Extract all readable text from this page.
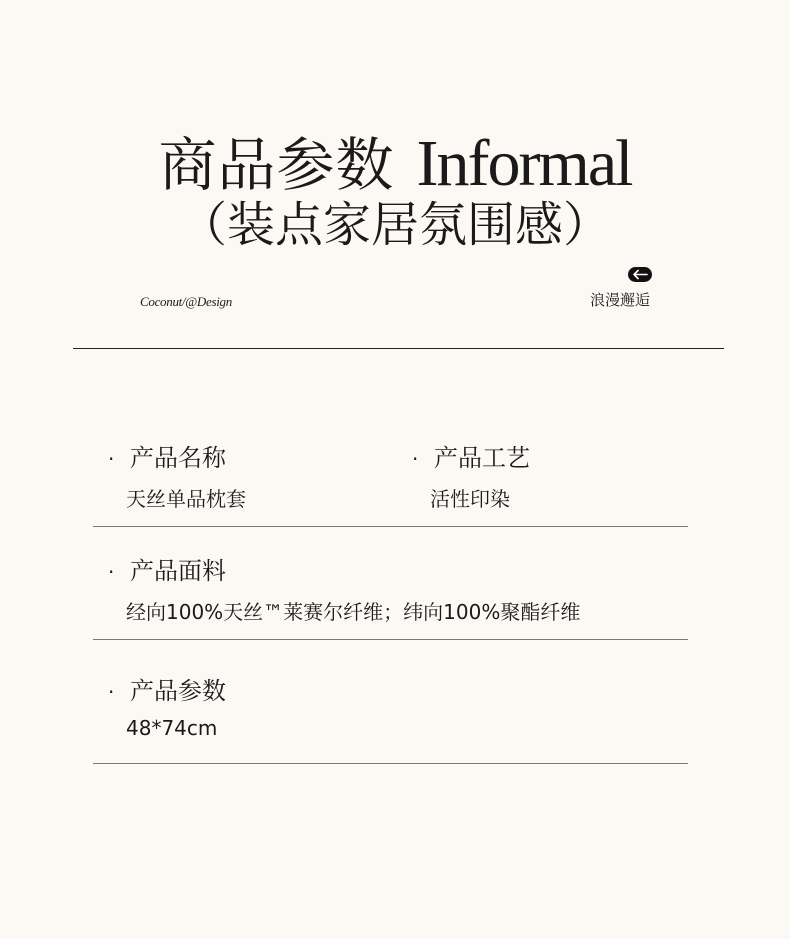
商品参数 Informal
（装点家居氛围感）
Coconut/@Design	浪漫邂逅
· 产品名称
天丝单品枕套
· 产品工艺
活性印染
· 产品面料
经向100%天丝™莱赛尔纤维；纬向100%聚酯纤维
· 产品参数
48*74cm
